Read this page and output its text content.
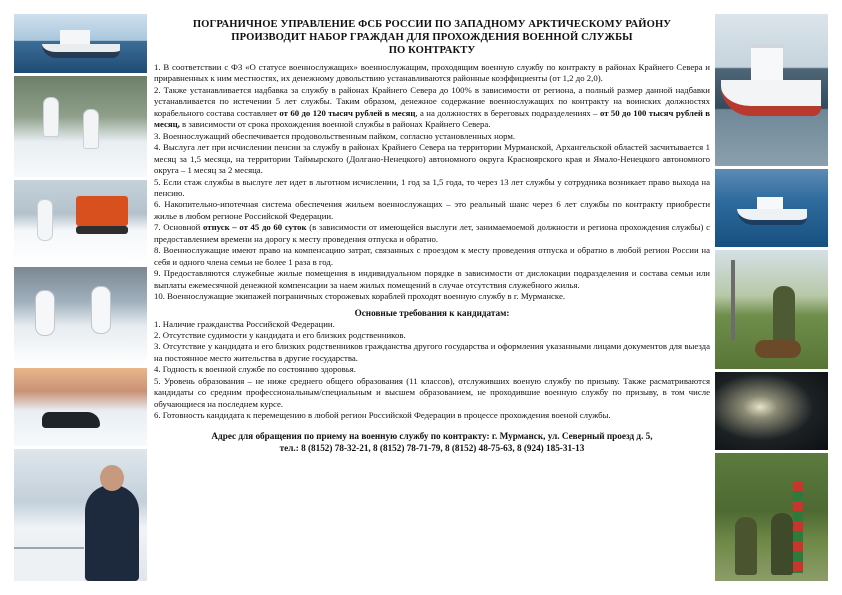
ПОГРАНИЧНОЕ УПРАВЛЕНИЕ ФСБ РОССИИ ПО ЗАПАДНОМУ АРКТИЧЕСКОМУ РАЙОНУ
ПРОИЗВОДИТ НАБОР ГРАЖДАН ДЛЯ ПРОХОЖДЕНИЯ ВОЕННОЙ СЛУЖБЫ
ПО КОНТРАКТУ

1. В соответствии с ФЗ «О статусе военнослужащих» военнослужащим, проходящим военную службу по контракту в районах Крайнего Севера и приравненных к ним местностях, их денежному довольствию устанавливаются районные коэффициенты (от 1,2 до 2,0).

2. Также устанавливается надбавка за службу в районах Крайнего Севера до 100% в зависимости от региона, а полный размер данной надбавки устанавливается по истечении 5 лет службы. Таким образом, денежное содержание военнослужащих по контракту на воинских должностях корабельного состава составляет от 60 до 120 тысяч рублей в месяц, а на должностях в береговых подразделениях – от 50 до 100 тысяч рублей в месяц, в зависимости от срока прохождения военной службы в районах Крайнего Севера.

3. Военнослужащий обеспечивается продовольственным пайком, согласно установленных норм.

4. Выслуга лет при исчислении пенсии за службу в районах Крайнего Севера на территории Мурманской, Архангельской областей засчитывается 1 месяц за 1,5 месяца, на территории Таймырского (Долгано-Ненецкого) автономного округа Красноярского края и Ямало-Ненецкого автономного округа – 1 месяц за 2 месяца.

5. Если стаж службы в выслуге лет идет в льготном исчислении, 1 год за 1,5 года, то через 13 лет службы у сотрудника возникает право выхода на пенсию.

6. Накопительно-ипотечная система обеспечения жильем военнослужащих – это реальный шанс через 6 лет службы по контракту приобрести жилье в любом регионе Российской Федерации.

7. Основной отпуск – от 45 до 60 суток (в зависимости от имеющейся выслуги лет, занимаемоемой должности и региона прохождения службы) с предоставлением времени на дорогу к месту проведения отпуска и обратно.

8. Военнослужащие имеют право на компенсацию затрат, связанных с проездом к месту проведения отпуска и обратно в любой регион России на себя и одного члена семьи не более 1 раза в год.

9. Предоставляются служебные жилые помещения в индивидуальном порядке в зависимости от дислокации подразделения и состава семьи или выплаты ежемесячной денежной компенсации за наем жилых помещений в случае отсутствия служебного жилья.

10. Военнослужащие экипажей пограничных сторожевых кораблей проходят военную службу в г. Мурманске.

Основные требования к кандидатам:

1. Наличие гражданства Российской Федерации.

2. Отсутствие судимости у кандидата и его близких родственников.

3. Отсутствие у кандидата и его близких родственников гражданства другого государства и оформления указанными лицами документов для выезда на постоянное место жительства в другие государства.

4. Годность к военной службе по состоянию здоровья.

5. Уровень образования – не ниже среднего общего образования (11 классов), отслуживших военую службу по призыву. Также расматриваются кандидаты со средним профессиональным/специальным и высшем образованием, не проходившие военную службу по призыву, в том числе обучающиеся на последнем курсе.

6. Готовность кандидата к перемещению в любой регион Российской Федерации в процессе прохождения военой службы.

Адрес для обращения по приему на военную службу по контракту: г. Мурманск, ул. Северный проезд д. 5,
тел.: 8 (8152) 78-32-21, 8 (8152) 78-71-79, 8 (8152) 48-75-63, 8 (924) 185-31-13
